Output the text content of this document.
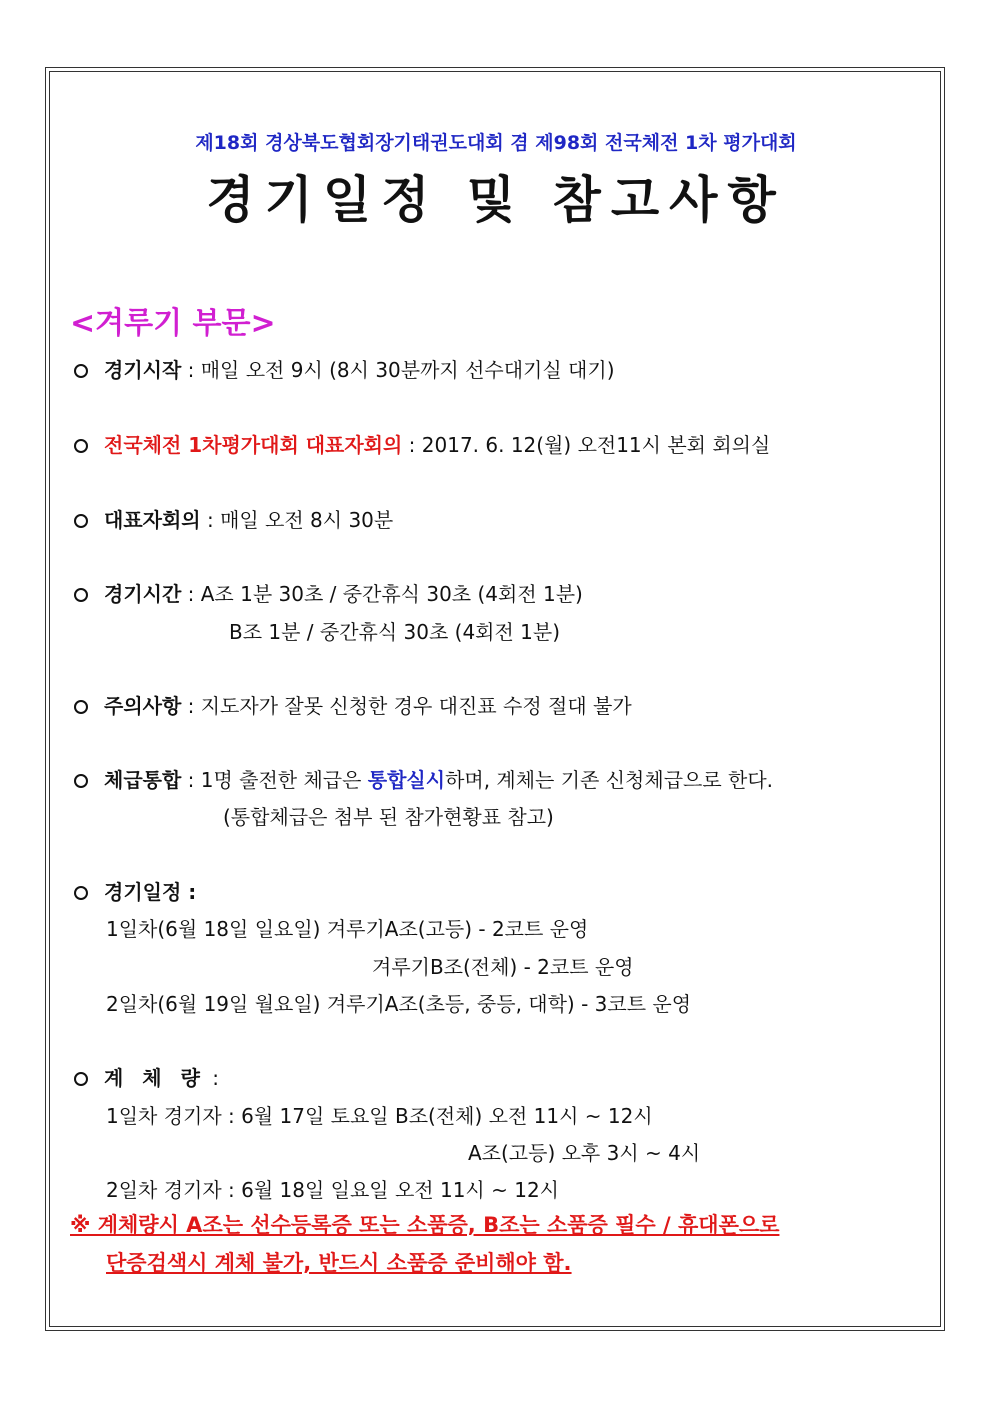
제18회 경상북도협회장기태권도대회 겸 제98회 전국체전 1차 평가대회
경기일정 및 참고사항
<겨루기 부문>
경기시작 : 매일 오전 9시 (8시 30분까지 선수대기실 대기)
전국체전 1차평가대회 대표자회의 : 2017. 6. 12(월) 오전11시 본회 회의실
대표자회의 : 매일 오전 8시 30분
경기시간 : A조 1분 30초 / 중간휴식 30초 (4회전 1분)
B조 1분 / 중간휴식 30초 (4회전 1분)
주의사항 : 지도자가 잘못 신청한 경우 대진표 수정 절대 불가
체급통합 : 1명 출전한 체급은 통합실시하며, 계체는 기존 신청체급으로 한다.
(통합체급은 첨부 된 참가현황표 참고)
경기일정 :
1일차(6월 18일 일요일) 겨루기A조(고등) - 2코트 운영
겨루기B조(전체) - 2코트 운영
2일차(6월 19일 월요일) 겨루기A조(초등, 중등, 대학) - 3코트 운영
계 체 량 :
1일차 경기자 : 6월 17일 토요일 B조(전체) 오전 11시 ~ 12시
A조(고등) 오후 3시 ~ 4시
2일차 경기자 : 6월 18일 일요일 오전 11시 ~ 12시
※ 계체량시 A조는 선수등록증 또는 소품증, B조는 소품증 필수 / 휴대폰으로
단증검색시 계체 불가, 반드시 소품증 준비해야 함.
